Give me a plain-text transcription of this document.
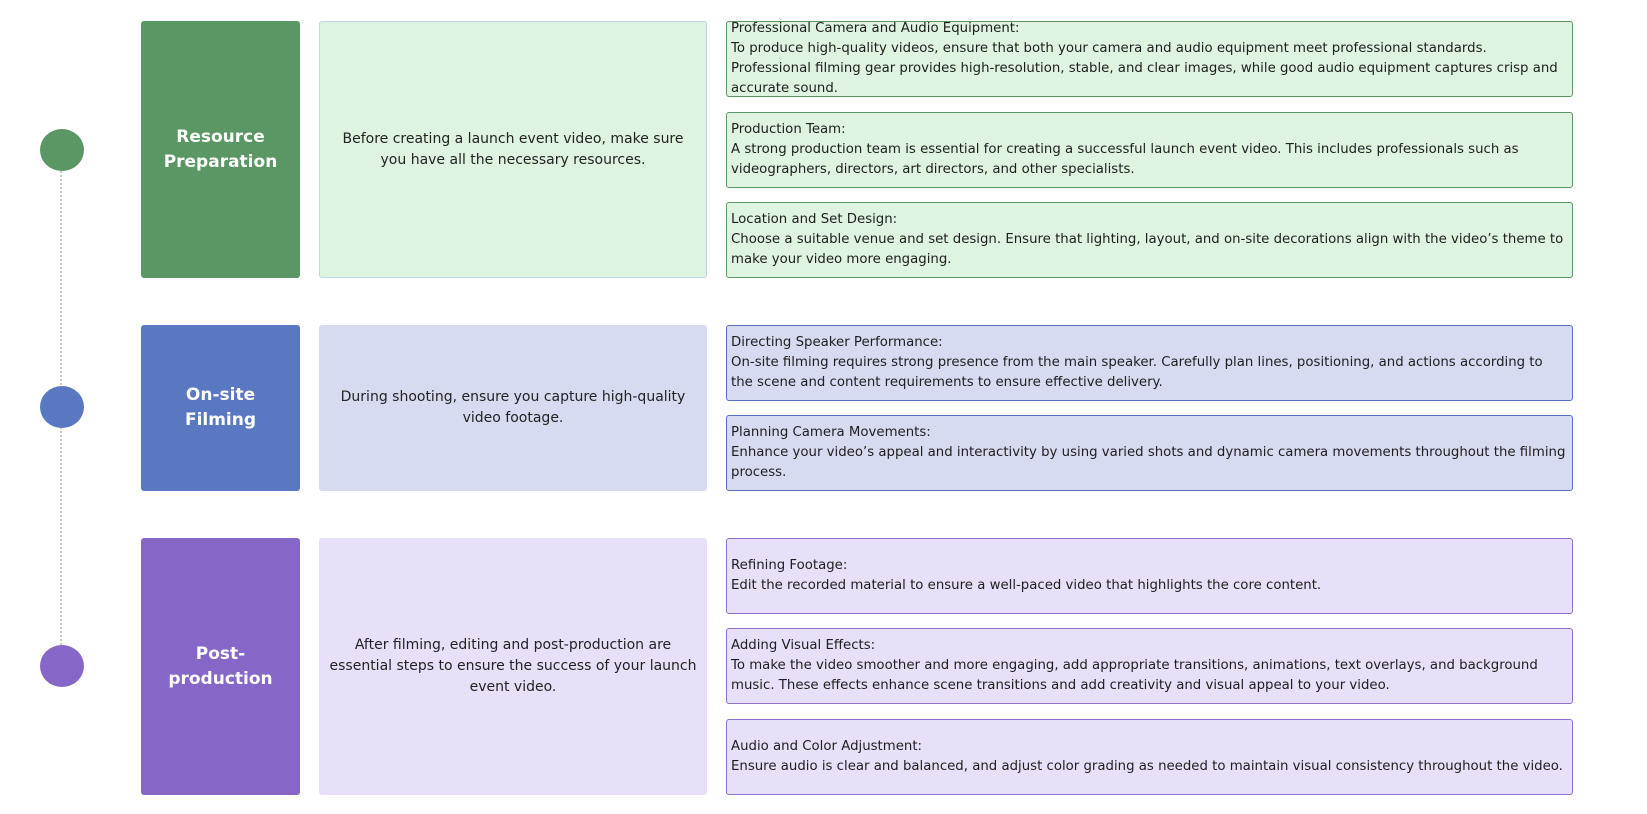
Resource Preparation
Before creating a launch event video, make sure you have all the necessary resources.
Professional Camera and Audio Equipment:
To produce high-quality videos, ensure that both your camera and audio equipment meet professional standards. Professional filming gear provides high-resolution, stable, and clear images, while good audio equipment captures crisp and accurate sound.
Production Team:
A strong production team is essential for creating a successful launch event video. This includes professionals such as videographers, directors, art directors, and other specialists.
Location and Set Design:
Choose a suitable venue and set design. Ensure that lighting, layout, and on-site decorations align with the video’s theme to make your video more engaging.
On-site Filming
During shooting, ensure you capture high-quality video footage.
Directing Speaker Performance:
On-site filming requires strong presence from the main speaker. Carefully plan lines, positioning, and actions according to the scene and content requirements to ensure effective delivery.
Planning Camera Movements:
Enhance your video’s appeal and interactivity by using varied shots and dynamic camera movements throughout the filming process.
Post-production
After filming, editing and post-production are essential steps to ensure the success of your launch event video.
Refining Footage:
Edit the recorded material to ensure a well-paced video that highlights the core content.
Adding Visual Effects:
To make the video smoother and more engaging, add appropriate transitions, animations, text overlays, and background music. These effects enhance scene transitions and add creativity and visual appeal to your video.
Audio and Color Adjustment:
Ensure audio is clear and balanced, and adjust color grading as needed to maintain visual consistency throughout the video.
